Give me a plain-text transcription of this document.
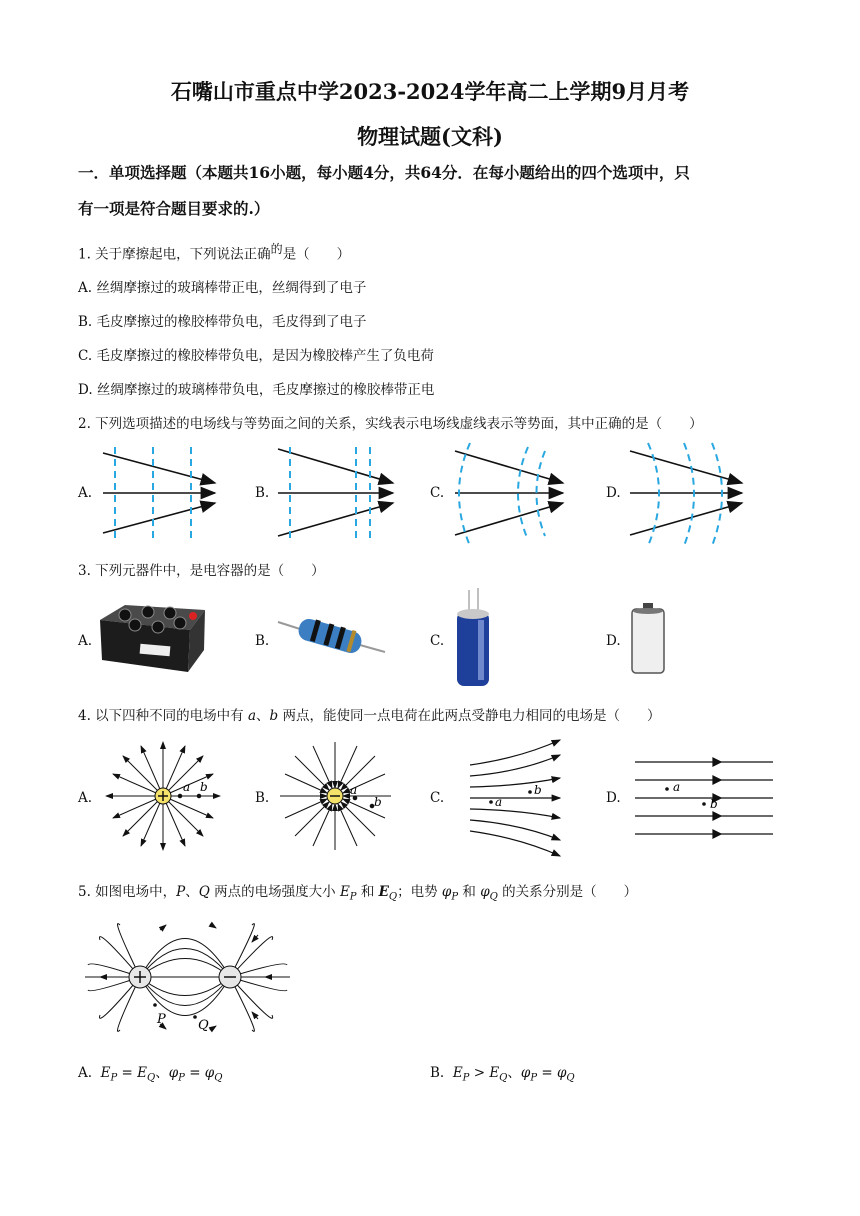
石嘴山市重点中学2023-2024学年高二上学期9月月考
物理试题(文科)
一．单项选择题（本题共16小题，每小题4分，共64分．在每小题给出的四个选项中，只
有一项是符合题目要求的.）
1. 关于摩擦起电，下列说法正确$^的$是（　　）
A. 丝绸摩擦过的玻璃棒带正电，丝绸得到了电子
B. 毛皮摩擦过的橡胶棒带负电，毛皮得到了电子
C. 毛皮摩擦过的橡胶棒带负电，是因为橡胶棒产生了负电荷
D. 丝绸摩擦过的玻璃棒带负电，毛皮摩擦过的橡胶棒带正电
2. 下列选项描述的电场线与等势面之间的关系，实线表示电场线虚线表示等势面，其中正确的是（　　）
A.	B.	C.	D.
3. 下列元器件中，是电容器的是（　　）
A.	B.	C.	D.
4. 以下四种不同的电场中有 a、b 两点，能使同一点电荷在此两点受静电力相同的电场是（　　）
A.	B.	C.	D.
a b	a
b
b
a
a
b
5. 如图电场中，P、Q 两点的电场强度大小 $E_P$ 和 $E_Q$；电势 $\varphi_P$ 和 $\varphi_Q$ 的关系分别是（　　）
P Q
A. $E_P = E_Q$、$\varphi_P = \varphi_Q$	B. $E_P > E_Q$、$\varphi_P = \varphi_Q$
